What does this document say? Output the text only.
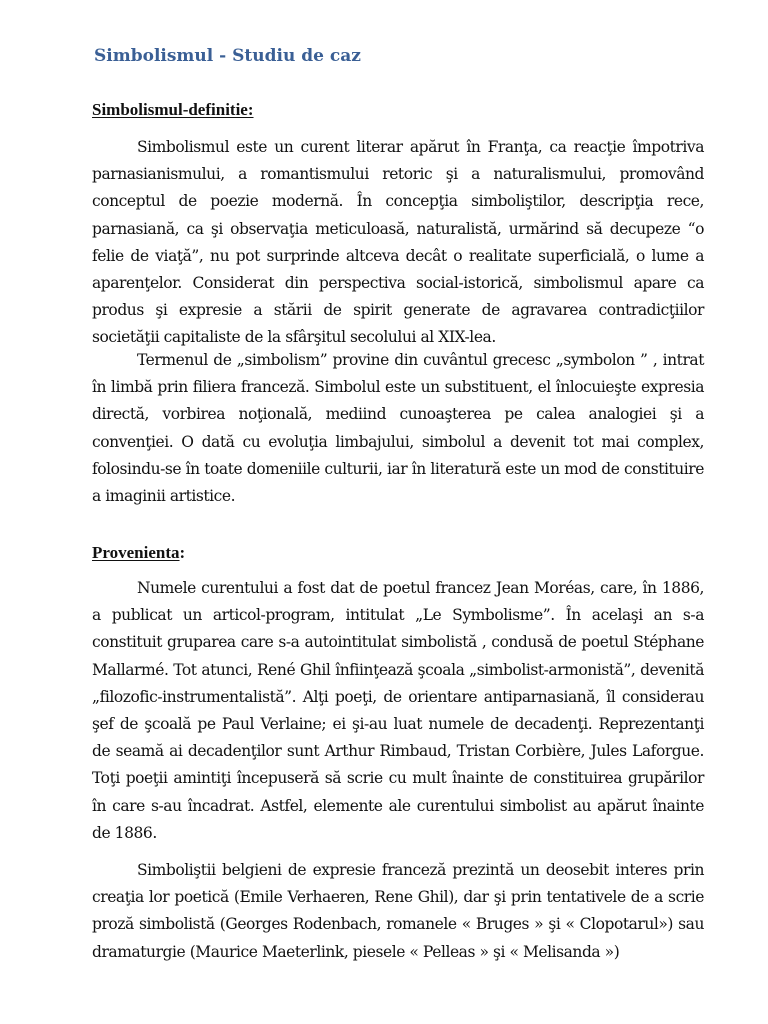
Simbolismul - Studiu de caz
Simbolismul-definitie:

Simbolismul este un curent literar apărut în Franţa, ca reacţie împotriva parnasianismului, a romantismului retoric şi a naturalismului, promovând conceptul de poezie modernă. În concepţia simboliştilor, descripţia rece, parnasiană, ca şi observaţia meticuloasă, naturalistă, urmărind să decupeze “o felie de viaţă”, nu pot surprinde altceva decât o realitate superficială, o lume a aparenţelor. Considerat din perspectiva social-istorică, simbolismul apare ca produs şi expresie a stării de spirit generate de agravarea contradicţiilor societăţii capitaliste de la sfârşitul secolului al XIX-lea.

Termenul de „simbolism” provine din cuvântul grecesc „symbolon ” , intrat în limbă prin filiera franceză. Simbolul este un substituent, el înlocuieşte expresia directă, vorbirea noţională, mediind cunoaşterea pe calea analogiei şi a convenţiei. O dată cu evoluţia limbajului, simbolul a devenit tot mai complex, folosindu-se în toate domeniile culturii, iar în literatură este un mod de constituire a imaginii artistice.

Provenienta:

Numele curentului a fost dat de poetul francez Jean Moréas, care, în 1886, a publicat un articol-program, intitulat „Le Symbolisme”. În acelaşi an s-a constituit gruparea care s-a autointitulat simbolistă , condusă de poetul Stéphane Mallarmé. Tot atunci, René Ghil înfiinţează şcoala „simbolist-armonistă”, devenită „filozofic-instrumentalistă”. Alţi poeţi, de orientare antiparnasiană, îl considerau şef de şcoală pe Paul Verlaine; ei şi-au luat numele de decadenţi. Reprezentanţi de seamă ai decadenţilor sunt Arthur Rimbaud, Tristan Corbière, Jules Laforgue. Toţi poeţii amintiţi începuseră să scrie cu mult înainte de constituirea grupărilor în care s-au încadrat. Astfel, elemente ale curentului simbolist au apărut înainte de 1886.

Simboliştii belgieni de expresie franceză prezintă un deosebit interes prin creaţia lor poetică (Emile Verhaeren, Rene Ghil), dar şi prin tentativele de a scrie proză simbolistă (Georges Rodenbach, romanele « Bruges » şi « Clopotarul») sau dramaturgie (Maurice Maeterlink, piesele « Pelleas » şi « Melisanda »)
